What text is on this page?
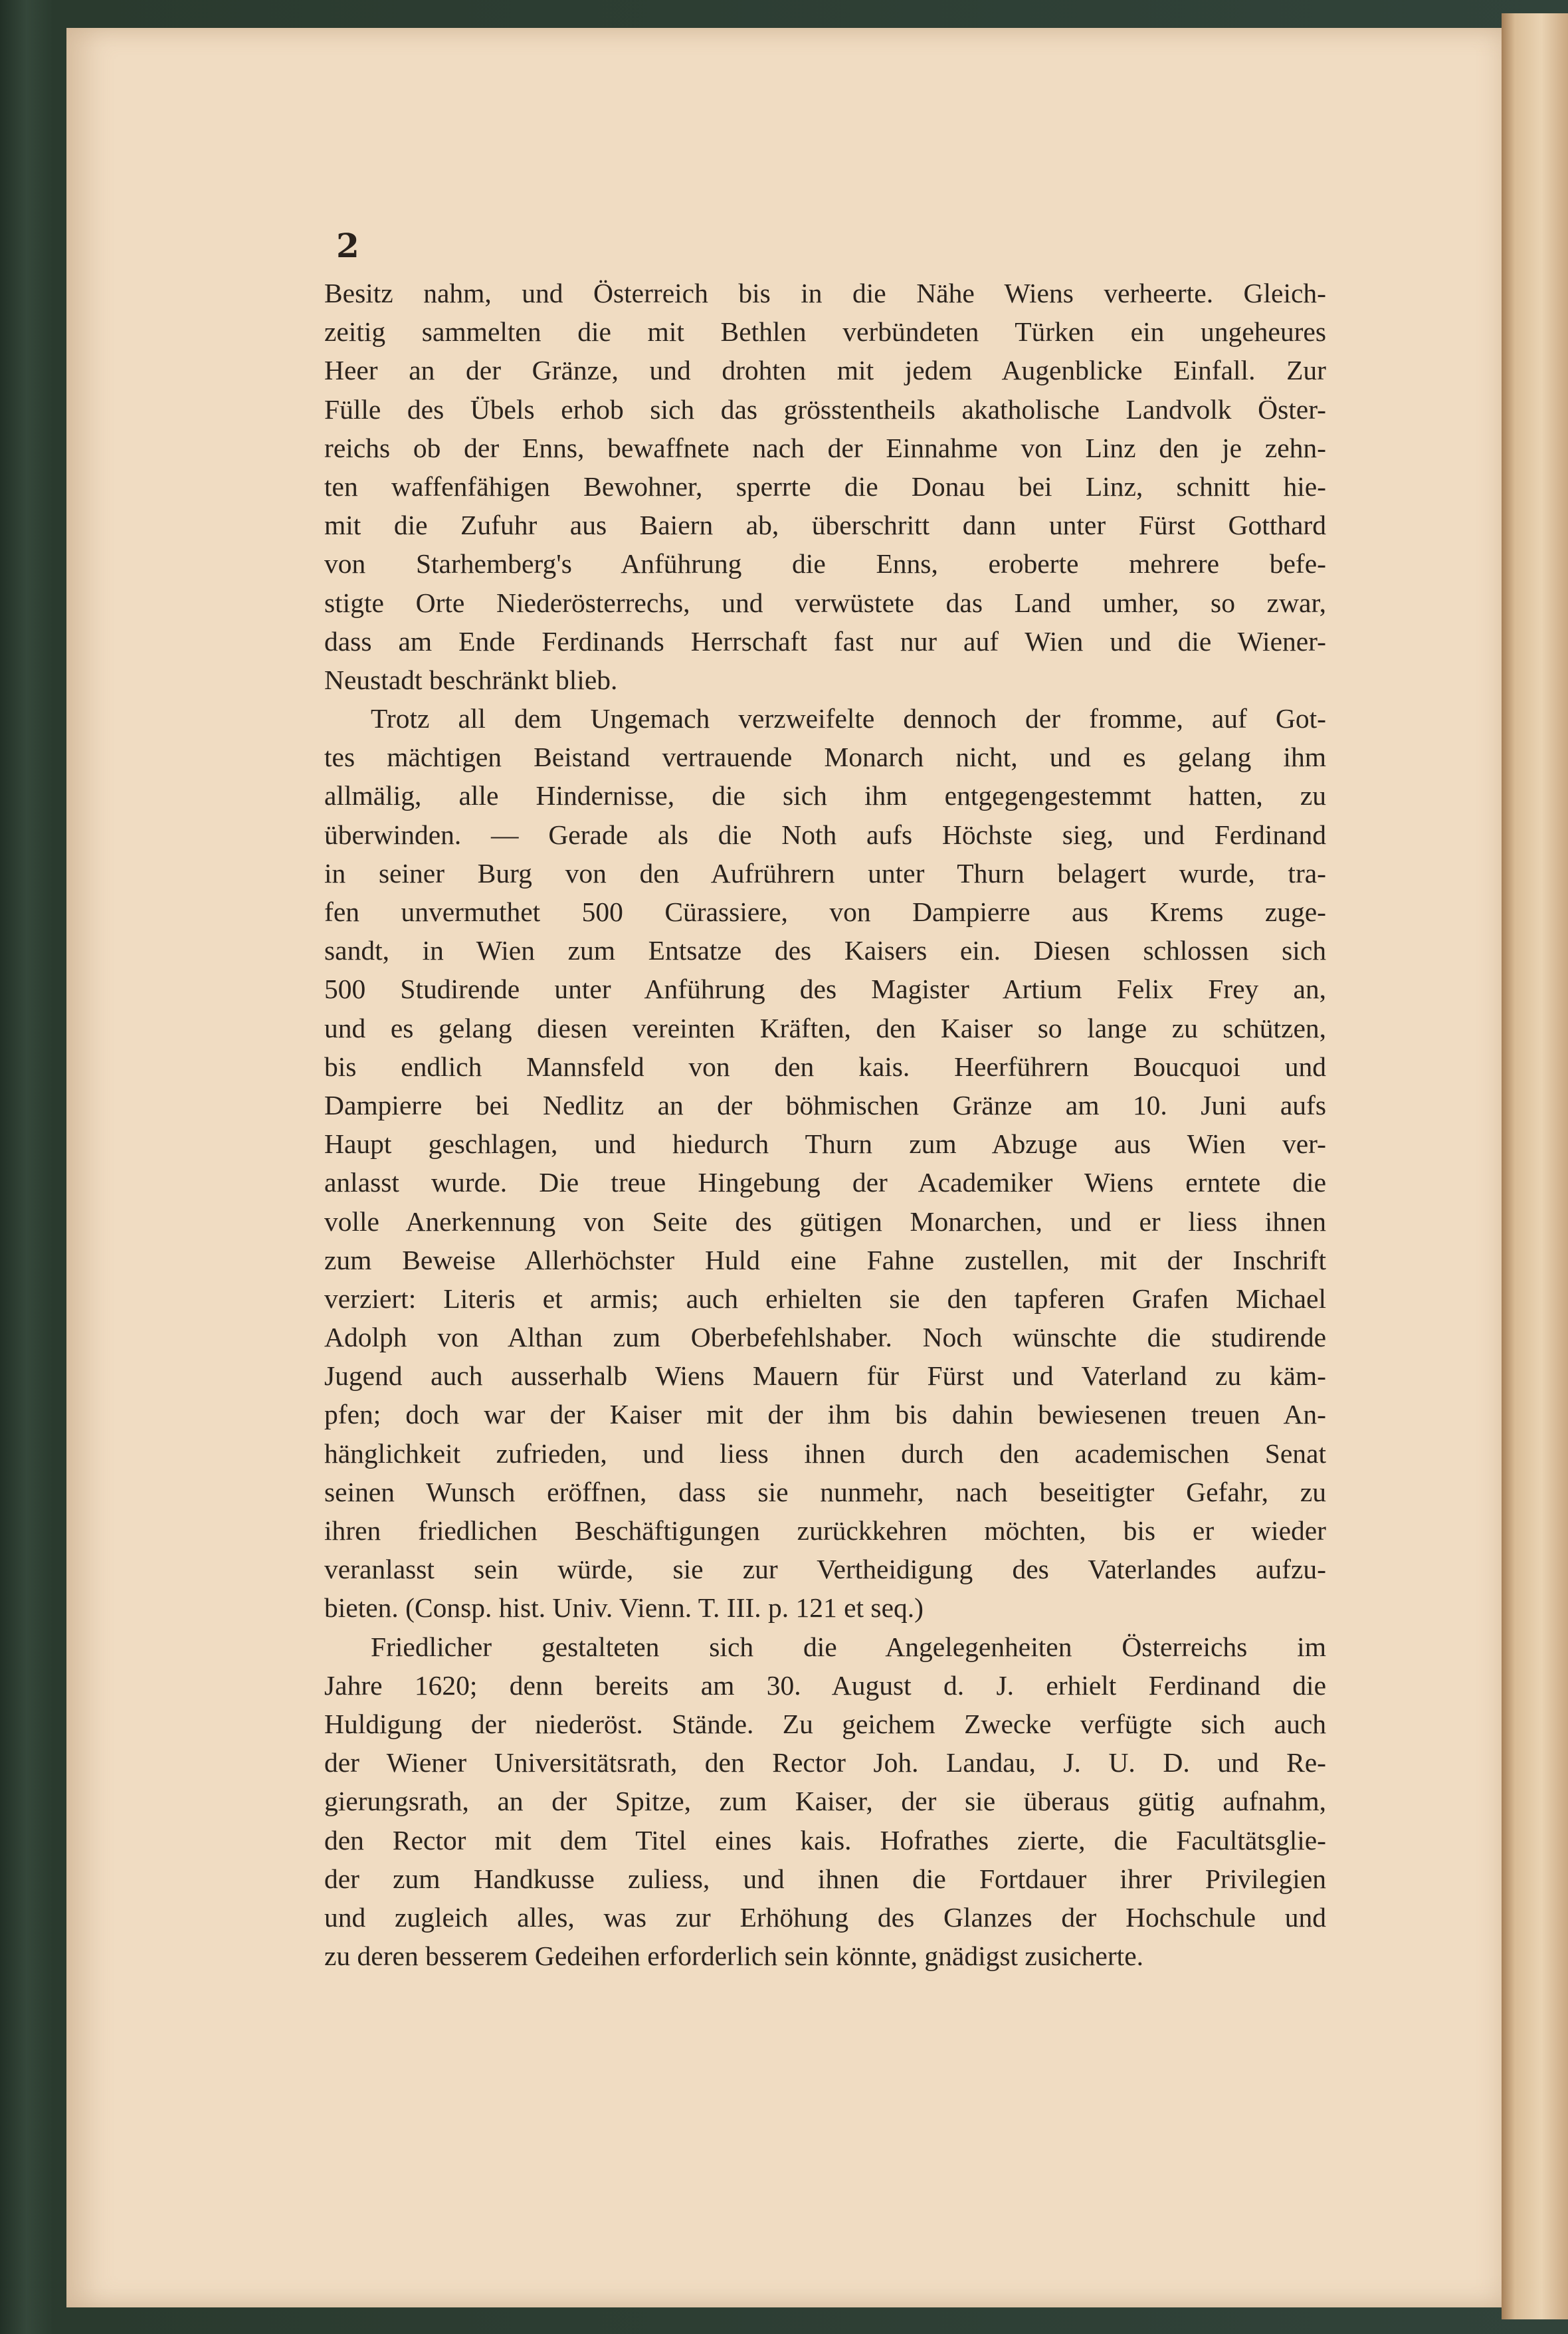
2
Besitz nahm, und Österreich bis in die Nähe Wiens verheerte. Gleich-
zeitig sammelten die mit Bethlen verbündeten Türken ein ungeheures
Heer an der Gränze, und drohten mit jedem Augenblicke Einfall. Zur
Fülle des Übels erhob sich das grösstentheils akatholische Landvolk Öster-
reichs ob der Enns, bewaffnete nach der Einnahme von Linz den je zehn-
ten waffenfähigen Bewohner, sperrte die Donau bei Linz, schnitt hie-
mit die Zufuhr aus Baiern ab, überschritt dann unter Fürst Gotthard
von Starhemberg's Anführung die Enns, eroberte mehrere befe-
stigte Orte Niederösterrechs, und verwüstete das Land umher, so zwar,
dass am Ende Ferdinands Herrschaft fast nur auf Wien und die Wiener-
Neustadt beschränkt blieb.
Trotz all dem Ungemach verzweifelte dennoch der fromme, auf Got-
tes mächtigen Beistand vertrauende Monarch nicht, und es gelang ihm
allmälig, alle Hindernisse, die sich ihm entgegengestemmt hatten, zu
überwinden. — Gerade als die Noth aufs Höchste sieg, und Ferdinand
in seiner Burg von den Aufrührern unter Thurn belagert wurde, tra-
fen unvermuthet 500 Cürassiere, von Dampierre aus Krems zuge-
sandt, in Wien zum Entsatze des Kaisers ein. Diesen schlossen sich
500 Studirende unter Anführung des Magister Artium Felix Frey an,
und es gelang diesen vereinten Kräften, den Kaiser so lange zu schützen,
bis endlich Mannsfeld von den kais. Heerführern Boucquoi und
Dampierre bei Nedlitz an der böhmischen Gränze am 10. Juni aufs
Haupt geschlagen, und hiedurch Thurn zum Abzuge aus Wien ver-
anlasst wurde. Die treue Hingebung der Academiker Wiens erntete die
volle Anerkennung von Seite des gütigen Monarchen, und er liess ihnen
zum Beweise Allerhöchster Huld eine Fahne zustellen, mit der Inschrift
verziert: Literis et armis; auch erhielten sie den tapferen Grafen Michael
Adolph von Althan zum Oberbefehlshaber. Noch wünschte die studirende
Jugend auch ausserhalb Wiens Mauern für Fürst und Vaterland zu käm-
pfen; doch war der Kaiser mit der ihm bis dahin bewiesenen treuen An-
hänglichkeit zufrieden, und liess ihnen durch den academischen Senat
seinen Wunsch eröffnen, dass sie nunmehr, nach beseitigter Gefahr, zu
ihren friedlichen Beschäftigungen zurückkehren möchten, bis er wieder
veranlasst sein würde, sie zur Vertheidigung des Vaterlandes aufzu-
bieten. (Consp. hist. Univ. Vienn. T. III. p. 121 et seq.)
Friedlicher gestalteten sich die Angelegenheiten Österreichs im
Jahre 1620; denn bereits am 30. August d. J. erhielt Ferdinand die
Huldigung der niederöst. Stände. Zu geichem Zwecke verfügte sich auch
der Wiener Universitätsrath, den Rector Joh. Landau, J. U. D. und Re-
gierungsrath, an der Spitze, zum Kaiser, der sie überaus gütig aufnahm,
den Rector mit dem Titel eines kais. Hofrathes zierte, die Facultätsglie-
der zum Handkusse zuliess, und ihnen die Fortdauer ihrer Privilegien
und zugleich alles, was zur Erhöhung des Glanzes der Hochschule und
zu deren besserem Gedeihen erforderlich sein könnte, gnädigst zusicherte.
